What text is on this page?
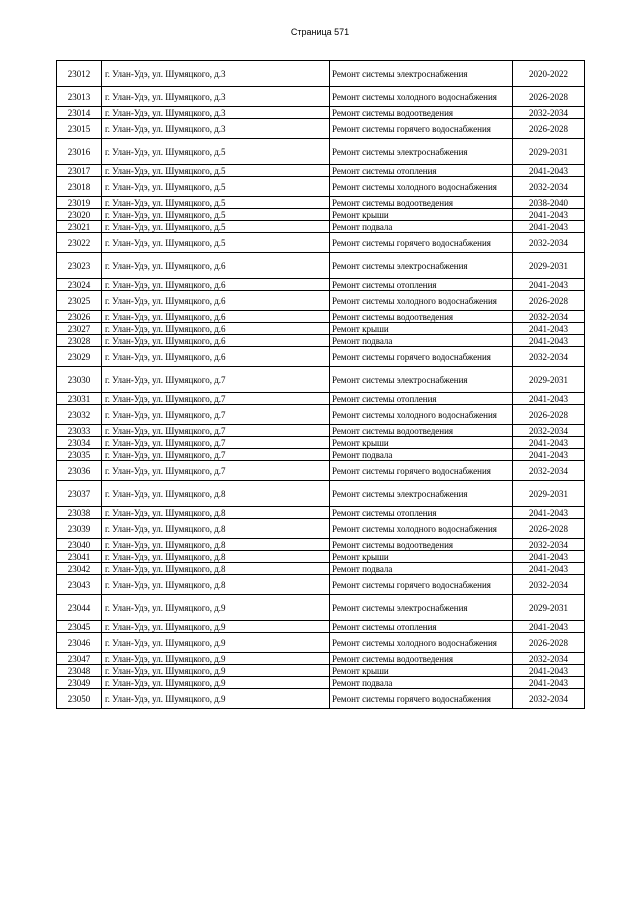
Страница 571
23012	г. Улан-Удэ, ул. Шумяцкого, д.3	Ремонт системы электроснабжения	2020-2022
23013	г. Улан-Удэ, ул. Шумяцкого, д.3	Ремонт системы холодного водоснабжения	2026-2028
23014	г. Улан-Удэ, ул. Шумяцкого, д.3	Ремонт системы водоотведения	2032-2034
23015	г. Улан-Удэ, ул. Шумяцкого, д.3	Ремонт системы горячего водоснабжения	2026-2028
23016	г. Улан-Удэ, ул. Шумяцкого, д.5	Ремонт системы электроснабжения	2029-2031
23017	г. Улан-Удэ, ул. Шумяцкого, д.5	Ремонт системы отопления	2041-2043
23018	г. Улан-Удэ, ул. Шумяцкого, д.5	Ремонт системы холодного водоснабжения	2032-2034
23019	г. Улан-Удэ, ул. Шумяцкого, д.5	Ремонт системы водоотведения	2038-2040
23020	г. Улан-Удэ, ул. Шумяцкого, д.5	Ремонт крыши	2041-2043
23021	г. Улан-Удэ, ул. Шумяцкого, д.5	Ремонт подвала	2041-2043
23022	г. Улан-Удэ, ул. Шумяцкого, д.5	Ремонт системы горячего водоснабжения	2032-2034
23023	г. Улан-Удэ, ул. Шумяцкого, д.6	Ремонт системы электроснабжения	2029-2031
23024	г. Улан-Удэ, ул. Шумяцкого, д.6	Ремонт системы отопления	2041-2043
23025	г. Улан-Удэ, ул. Шумяцкого, д.6	Ремонт системы холодного водоснабжения	2026-2028
23026	г. Улан-Удэ, ул. Шумяцкого, д.6	Ремонт системы водоотведения	2032-2034
23027	г. Улан-Удэ, ул. Шумяцкого, д.6	Ремонт крыши	2041-2043
23028	г. Улан-Удэ, ул. Шумяцкого, д.6	Ремонт подвала	2041-2043
23029	г. Улан-Удэ, ул. Шумяцкого, д.6	Ремонт системы горячего водоснабжения	2032-2034
23030	г. Улан-Удэ, ул. Шумяцкого, д.7	Ремонт системы электроснабжения	2029-2031
23031	г. Улан-Удэ, ул. Шумяцкого, д.7	Ремонт системы отопления	2041-2043
23032	г. Улан-Удэ, ул. Шумяцкого, д.7	Ремонт системы холодного водоснабжения	2026-2028
23033	г. Улан-Удэ, ул. Шумяцкого, д.7	Ремонт системы водоотведения	2032-2034
23034	г. Улан-Удэ, ул. Шумяцкого, д.7	Ремонт крыши	2041-2043
23035	г. Улан-Удэ, ул. Шумяцкого, д.7	Ремонт подвала	2041-2043
23036	г. Улан-Удэ, ул. Шумяцкого, д.7	Ремонт системы горячего водоснабжения	2032-2034
23037	г. Улан-Удэ, ул. Шумяцкого, д.8	Ремонт системы электроснабжения	2029-2031
23038	г. Улан-Удэ, ул. Шумяцкого, д.8	Ремонт системы отопления	2041-2043
23039	г. Улан-Удэ, ул. Шумяцкого, д.8	Ремонт системы холодного водоснабжения	2026-2028
23040	г. Улан-Удэ, ул. Шумяцкого, д.8	Ремонт системы водоотведения	2032-2034
23041	г. Улан-Удэ, ул. Шумяцкого, д.8	Ремонт крыши	2041-2043
23042	г. Улан-Удэ, ул. Шумяцкого, д.8	Ремонт подвала	2041-2043
23043	г. Улан-Удэ, ул. Шумяцкого, д.8	Ремонт системы горячего водоснабжения	2032-2034
23044	г. Улан-Удэ, ул. Шумяцкого, д.9	Ремонт системы электроснабжения	2029-2031
23045	г. Улан-Удэ, ул. Шумяцкого, д.9	Ремонт системы отопления	2041-2043
23046	г. Улан-Удэ, ул. Шумяцкого, д.9	Ремонт системы холодного водоснабжения	2026-2028
23047	г. Улан-Удэ, ул. Шумяцкого, д.9	Ремонт системы водоотведения	2032-2034
23048	г. Улан-Удэ, ул. Шумяцкого, д.9	Ремонт крыши	2041-2043
23049	г. Улан-Удэ, ул. Шумяцкого, д.9	Ремонт подвала	2041-2043
23050	г. Улан-Удэ, ул. Шумяцкого, д.9	Ремонт системы горячего водоснабжения	2032-2034
